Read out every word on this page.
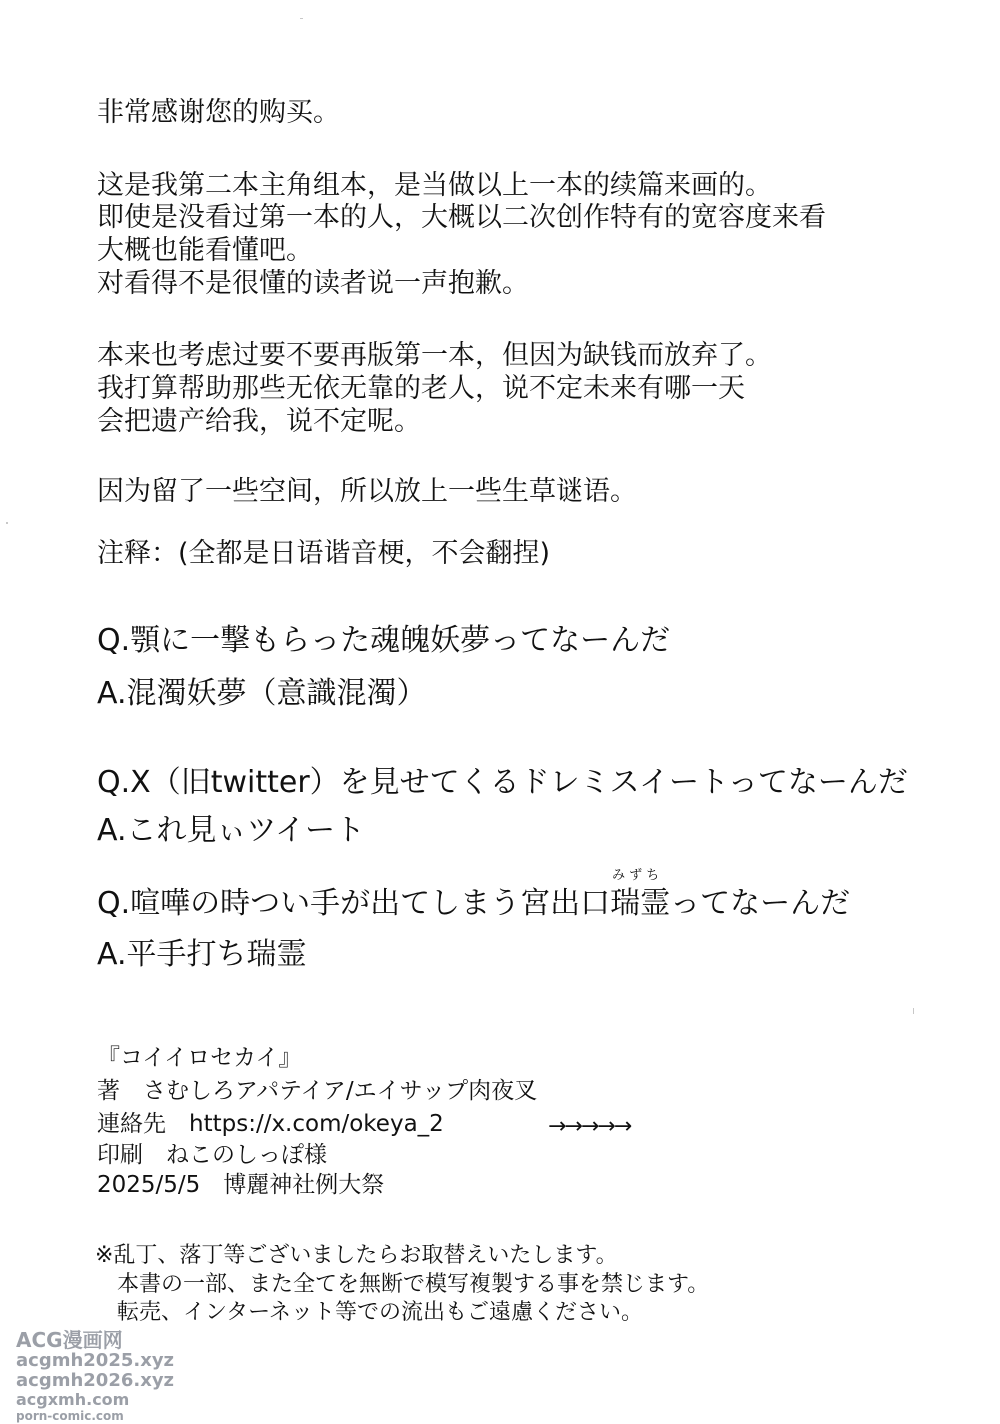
非常感谢您的购买。
这是我第二本主角组本，是当做以上一本的续篇来画的。
即使是没看过第一本的人，大概以二次创作特有的宽容度来看
大概也能看懂吧。
对看得不是很懂的读者说一声抱歉。
本来也考虑过要不要再版第一本，但因为缺钱而放弃了。
我打算帮助那些无依无靠的老人，说不定未来有哪一天
会把遗产给我，说不定呢。
因为留了一些空间，所以放上一些生草谜语。
注释：(全都是日语谐音梗，不会翻捏)
Q.顎に一撃もらった魂魄妖夢ってなーんだ
A.混濁妖夢（意識混濁）
Q.X（旧twitter）を見せてくるドレミスイートってなーんだ
A.これ見ぃツイート
Q.喧嘩の時つい手が出てしまう宮出口
みずち
瑞霊ってなーんだ
A.平手打ち瑞霊
『コイイロセカイ』
著　さむしろアパテイア/エイサップ肉夜叉
連絡先　https://x.com/okeya_2	→→→→→
印刷　ねこのしっぽ様
2025/5/5　博麗神社例大祭
※乱丁、落丁等ございましたらお取替えいたします。
本書の一部、また全てを無断で模写複製する事を禁じます。
転売、インターネット等での流出もご遠慮ください。
ACG漫画网
acgmh2025.xyz
acgmh2026.xyz
acgxmh.com
porn-comic.com
